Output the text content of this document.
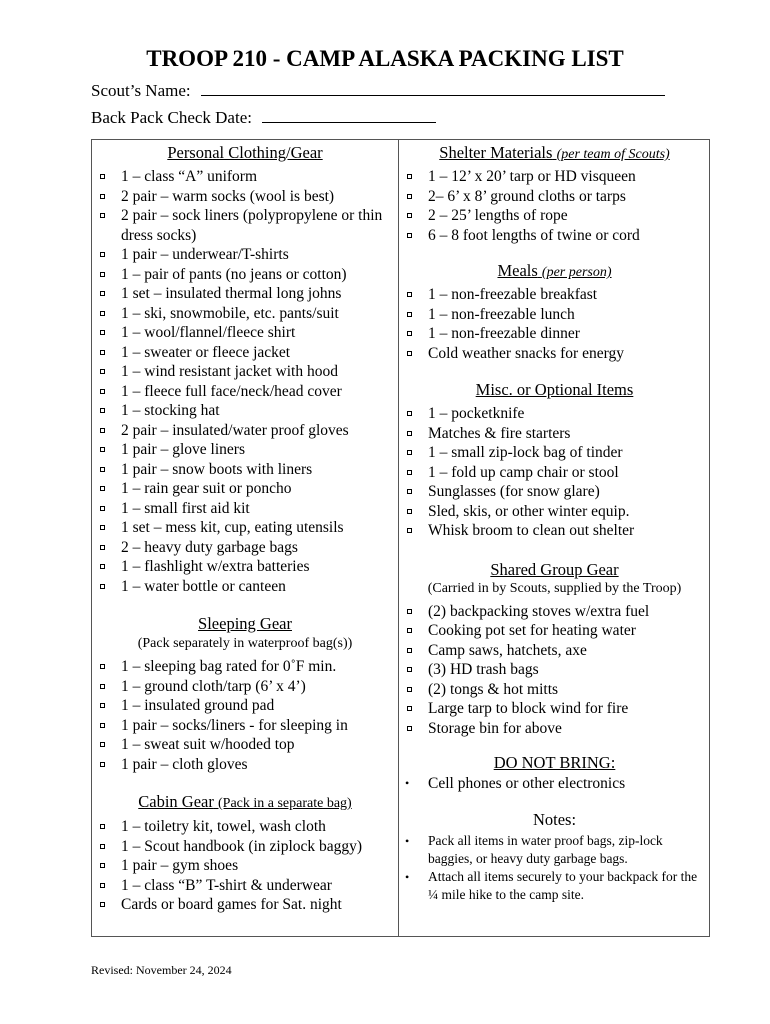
TROOP 210 - CAMP ALASKA PACKING LIST
Scout’s Name:
Back Pack Check Date:
Personal Clothing/Gear
1 – class “A” uniform
2 pair – warm socks (wool is best)
2 pair – sock liners (polypropylene or thin dress socks)
1 pair – underwear/T-shirts
1 – pair of pants (no jeans or cotton)
1 set – insulated thermal long johns
1 – ski, snowmobile, etc. pants/suit
1 – wool/flannel/fleece shirt
1 – sweater or fleece jacket
1 – wind resistant jacket with hood
1 – fleece full face/neck/head cover
1 – stocking hat
2 pair – insulated/water proof gloves
1 pair – glove liners
1 pair – snow boots with liners
1 – rain gear suit or poncho
1 – small first aid kit
1 set – mess kit, cup, eating utensils
2 – heavy duty garbage bags
1 – flashlight w/extra batteries
1 – water bottle or canteen
Sleeping Gear
(Pack separately in waterproof bag(s))
1 – sleeping bag rated for 0˚F min.
1 – ground cloth/tarp (6’ x 4’)
1 – insulated ground pad
1 pair – socks/liners - for sleeping in
1 – sweat suit w/hooded top
1 pair – cloth gloves
Cabin Gear (Pack in a separate bag)
1 – toiletry kit, towel, wash cloth
1 – Scout handbook (in ziplock baggy)
1 pair – gym shoes
1 – class “B” T-shirt & underwear
Cards or board games for Sat. night
Shelter Materials (per team of Scouts)
1 – 12’ x 20’ tarp or HD visqueen
2– 6’ x 8’ ground cloths or tarps
2 – 25’ lengths of rope
6 – 8 foot lengths of twine or cord
Meals (per person)
1 – non-freezable breakfast
1 – non-freezable lunch
1 – non-freezable dinner
Cold weather snacks for energy
Misc. or Optional Items
1 – pocketknife
Matches & fire starters
1 – small zip-lock bag of tinder
1 – fold up camp chair or stool
Sunglasses (for snow glare)
Sled, skis, or other winter equip.
Whisk broom to clean out shelter
Shared Group Gear
(Carried in by Scouts, supplied by the Troop)
(2) backpacking stoves w/extra fuel
Cooking pot set for heating water
Camp saws, hatchets, axe
(3) HD trash bags
(2) tongs & hot mitts
Large tarp to block wind for fire
Storage bin for above
DO NOT BRING:
• Cell phones or other electronics
Notes:
• Pack all items in water proof bags, zip-lock baggies, or heavy duty garbage bags.
• Attach all items securely to your backpack for the ¼ mile hike to the camp site.
Revised: November 24, 2024
